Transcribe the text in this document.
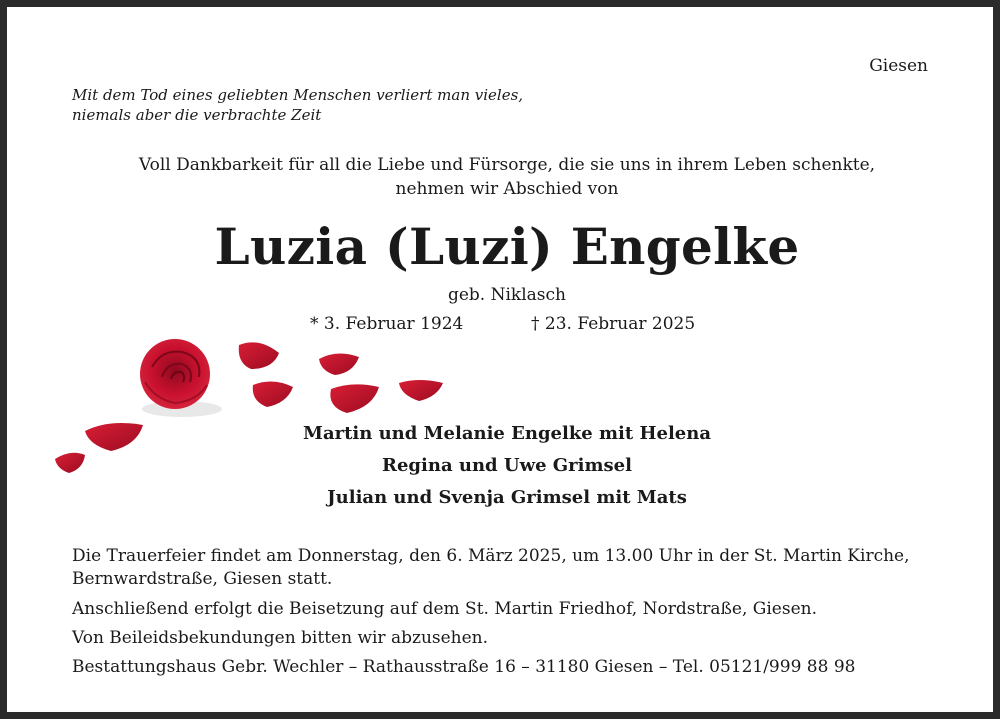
Giesen
Mit dem Tod eines geliebten Menschen verliert man vieles,
niemals aber die verbrachte Zeit
Voll Dankbarkeit für all die Liebe und Fürsorge, die sie uns in ihrem Leben schenkte,
nehmen wir Abschied von
Luzia (Luzi) Engelke
geb. Niklasch
* 3. Februar 1924	† 23. Februar 2025
Martin und Melanie Engelke mit Helena
Regina und Uwe Grimsel
Julian und Svenja Grimsel mit Mats
Die Trauerfeier findet am Donnerstag, den 6. März 2025, um 13.00 Uhr in der St. Martin Kirche,
Bernwardstraße, Giesen statt.
Anschließend erfolgt die Beisetzung auf dem St. Martin Friedhof, Nordstraße, Giesen.
Von Beileidsbekundungen bitten wir abzusehen.
Bestattungshaus Gebr. Wechler – Rathausstraße 16 – 31180 Giesen – Tel. 05121/999 88 98
